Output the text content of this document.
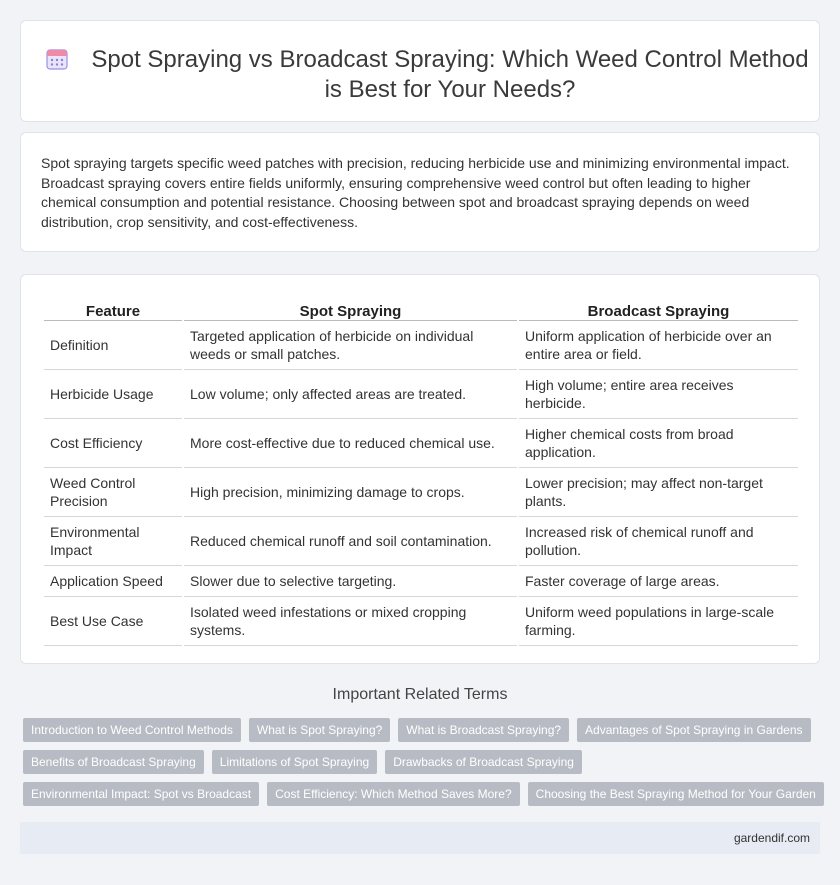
Spot Spraying vs Broadcast Spraying: Which Weed Control Method is Best for Your Needs?

Spot spraying targets specific weed patches with precision, reducing herbicide use and minimizing environmental impact. Broadcast spraying covers entire fields uniformly, ensuring comprehensive weed control but often leading to higher chemical consumption and potential resistance. Choosing between spot and broadcast spraying depends on weed distribution, crop sensitivity, and cost-effectiveness.

Feature	Spot Spraying	Broadcast Spraying
Definition	Targeted application of herbicide on individual weeds or small patches.	Uniform application of herbicide over an entire area or field.
Herbicide Usage	Low volume; only affected areas are treated.	High volume; entire area receives herbicide.
Cost Efficiency	More cost-effective due to reduced chemical use.	Higher chemical costs from broad application.
Weed Control Precision	High precision, minimizing damage to crops.	Lower precision; may affect non-target plants.
Environmental Impact	Reduced chemical runoff and soil contamination.	Increased risk of chemical runoff and pollution.
Application Speed	Slower due to selective targeting.	Faster coverage of large areas.
Best Use Case	Isolated weed infestations or mixed cropping systems.	Uniform weed populations in large-scale farming.
Important Related Terms
Introduction to Weed Control Methods	What is Spot Spraying?	What is Broadcast Spraying?	Advantages of Spot Spraying in Gardens
Benefits of Broadcast Spraying	Limitations of Spot Spraying	Drawbacks of Broadcast Spraying
Environmental Impact: Spot vs Broadcast	Cost Efficiency: Which Method Saves More?	Choosing the Best Spraying Method for Your Garden
gardendif.com
